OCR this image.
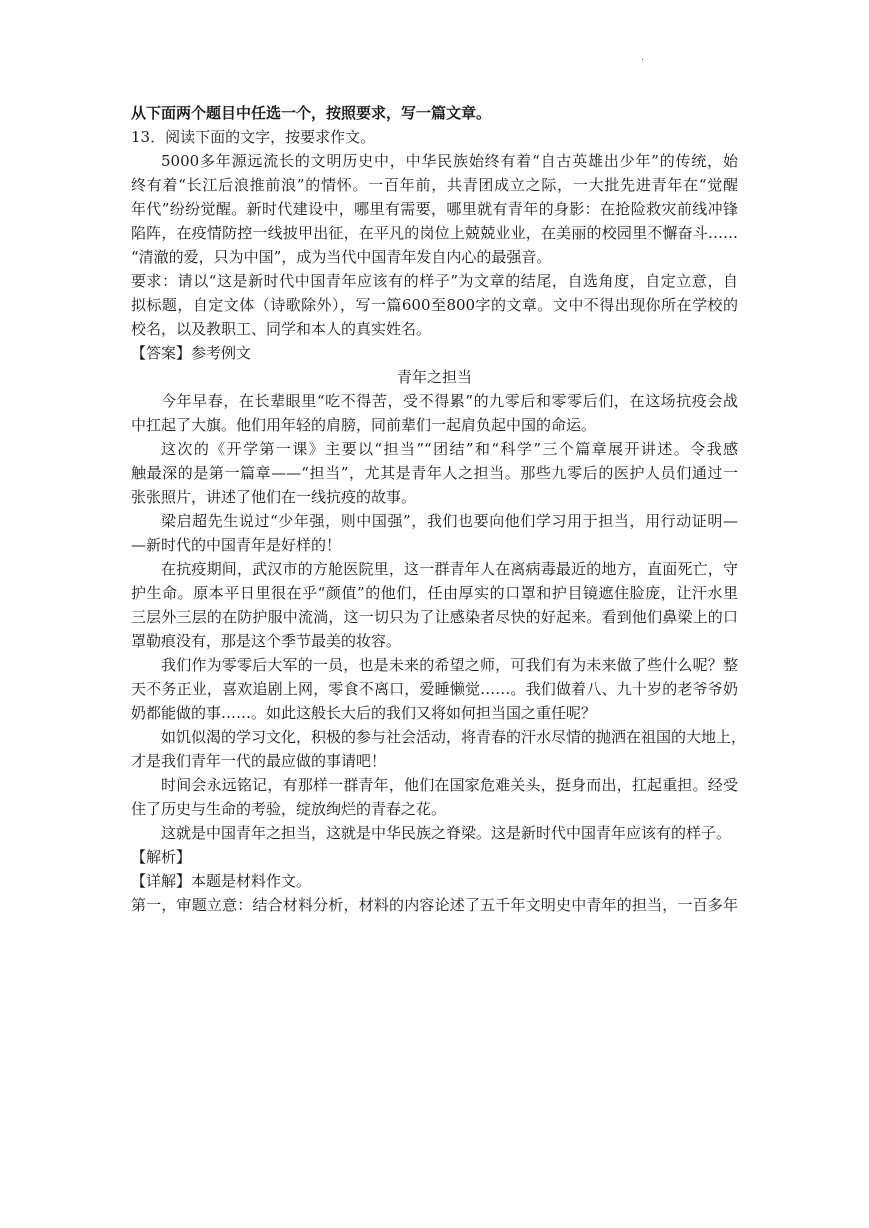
.

从下面两个题目中任选一个，按照要求，写一篇文章。

13．阅读下面的文字，按要求作文。

5000多年源远流长的文明历史中，中华民族始终有着“自古英雄出少年”的传统，始

终有着“长江后浪推前浪”的情怀。一百年前，共青团成立之际，一大批先进青年在“觉醒

年代”纷纷觉醒。新时代建设中，哪里有需要，哪里就有青年的身影：在抢险救灾前线冲锋

陷阵，在疫情防控一线披甲出征，在平凡的岗位上兢兢业业，在美丽的校园里不懈奋斗……

“清澈的爱，只为中国”，成为当代中国青年发自内心的最强音。

要求：请以“这是新时代中国青年应该有的样子”为文章的结尾，自选角度，自定立意，自

拟标题，自定文体（诗歌除外），写一篇600至800字的文章。文中不得出现你所在学校的

校名，以及教职工、同学和本人的真实姓名。

【答案】参考例文

青年之担当

今年早春，在长辈眼里“吃不得苦，受不得累”的九零后和零零后们，在这场抗疫会战

中扛起了大旗。他们用年轻的肩膀，同前辈们一起肩负起中国的命运。

这次的《开学第一课》主要以“担当”“团结”和“科学”三个篇章展开讲述。令我感

触最深的是第一篇章——“担当”，尤其是青年人之担当。那些九零后的医护人员们通过一

张张照片，讲述了他们在一线抗疫的故事。

梁启超先生说过“少年强，则中国强”，我们也要向他们学习用于担当，用行动证明—

—新时代的中国青年是好样的！

在抗疫期间，武汉市的方舱医院里，这一群青年人在离病毒最近的地方，直面死亡，守

护生命。原本平日里很在乎“颜值”的他们，任由厚实的口罩和护目镜遮住脸庞，让汗水里

三层外三层的在防护服中流淌，这一切只为了让感染者尽快的好起来。看到他们鼻梁上的口

罩勒痕没有，那是这个季节最美的妆容。

我们作为零零后大军的一员，也是未来的希望之师，可我们有为未来做了些什么呢？整

天不务正业，喜欢追剧上网，零食不离口，爱睡懒觉……。我们做着八、九十岁的老爷爷奶

奶都能做的事……。如此这般长大后的我们又将如何担当国之重任呢？

如饥似渴的学习文化，积极的参与社会活动，将青春的汗水尽情的抛洒在祖国的大地上，

才是我们青年一代的最应做的事请吧！

时间会永远铭记，有那样一群青年，他们在国家危难关头，挺身而出，扛起重担。经受

住了历史与生命的考验，绽放绚烂的青春之花。

这就是中国青年之担当，这就是中华民族之脊梁。这是新时代中国青年应该有的样子。

【解析】

【详解】本题是材料作文。

第一，审题立意：结合材料分析，材料的内容论述了五千年文明史中青年的担当，一百多年
